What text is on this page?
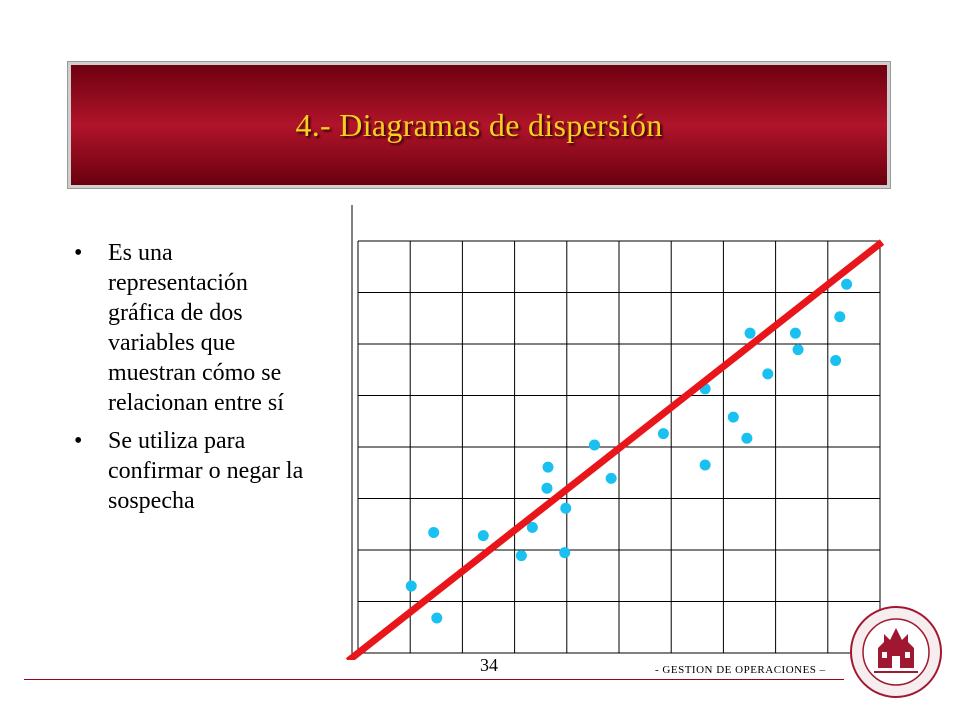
4.- Diagramas de dispersión
• Es una representación gráfica de dos variables que muestran cómo se relacionan entre sí
• Se utiliza para confirmar o negar la sospecha
34	- GESTION DE OPERACIONES –
